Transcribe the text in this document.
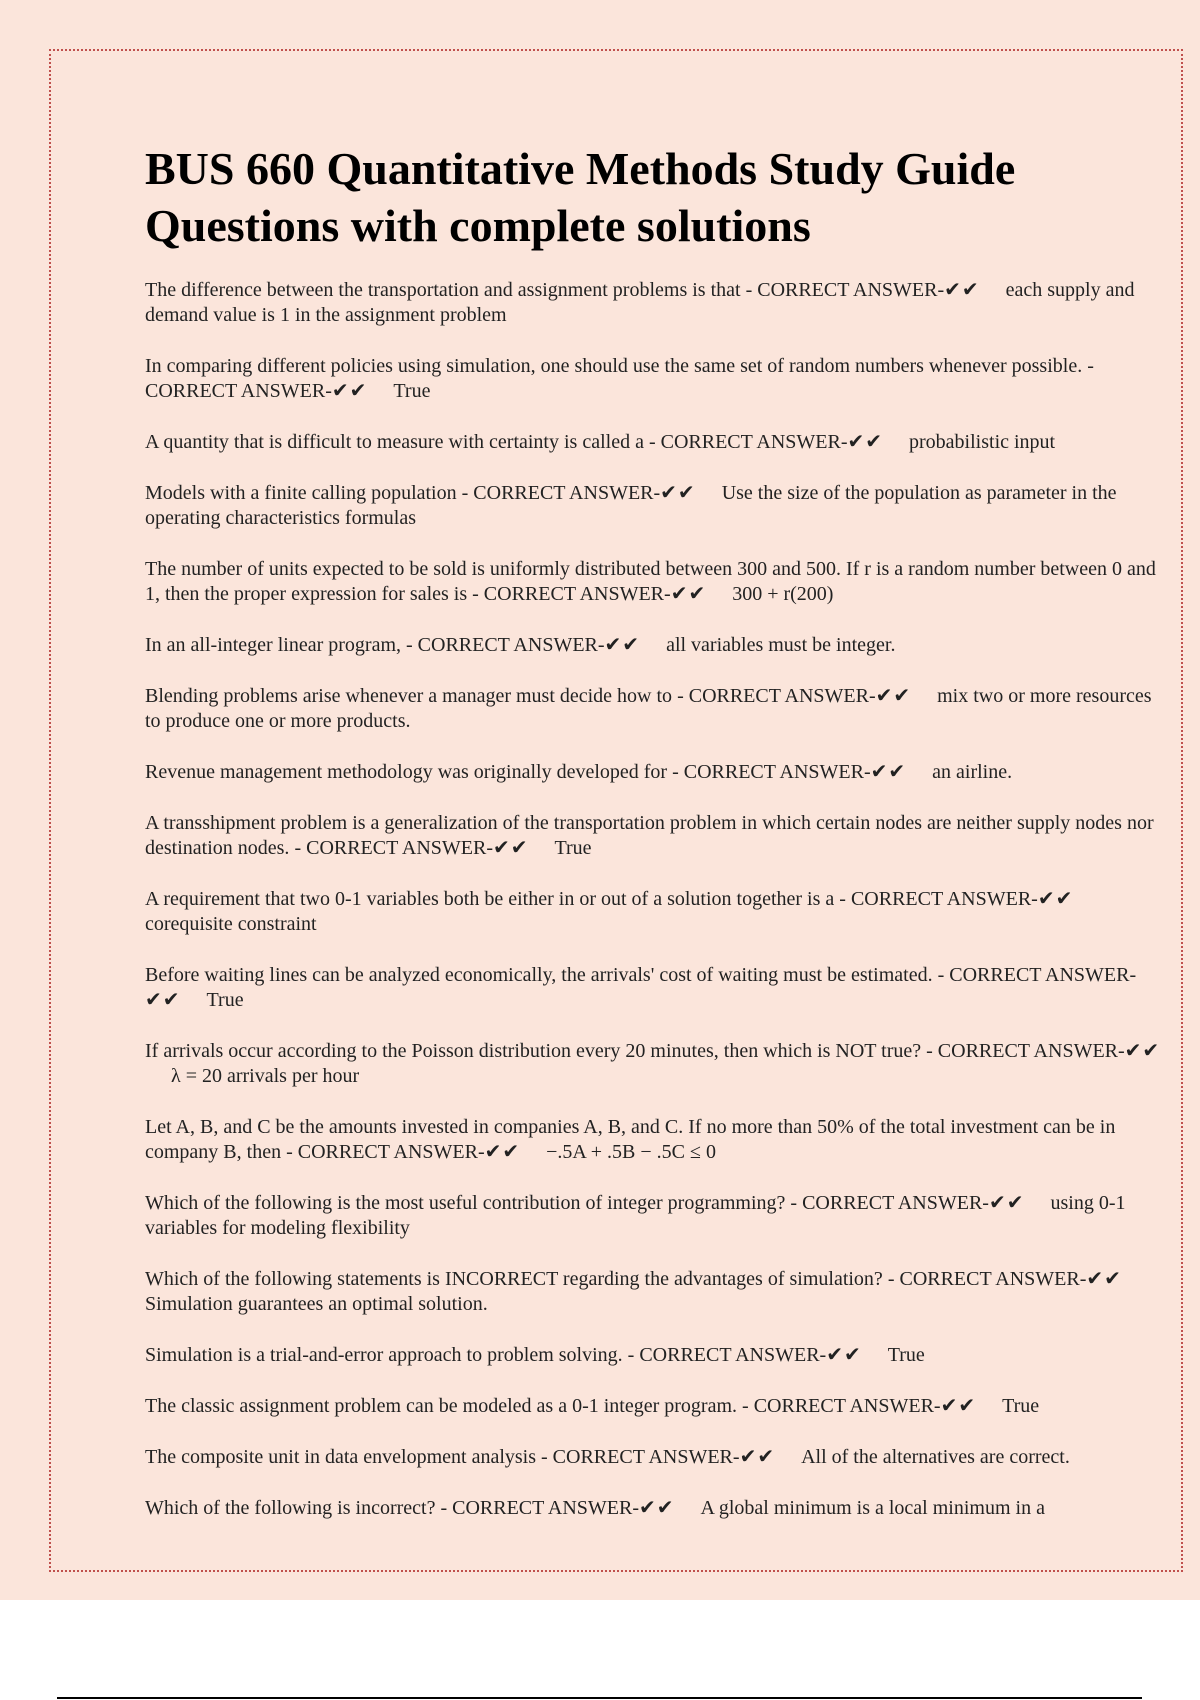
BUS 660 Quantitative Methods Study Guide Questions with complete solutions

The difference between the transportation and assignment problems is that - CORRECT ANSWER-✔✔ each supply and demand value is 1 in the assignment problem

In comparing different policies using simulation, one should use the same set of random numbers whenever possible. - CORRECT ANSWER-✔✔ True

A quantity that is difficult to measure with certainty is called a - CORRECT ANSWER-✔✔ probabilistic input

Models with a finite calling population - CORRECT ANSWER-✔✔ Use the size of the population as parameter in the operating characteristics formulas

The number of units expected to be sold is uniformly distributed between 300 and 500. If r is a random number between 0 and 1, then the proper expression for sales is - CORRECT ANSWER-✔✔ 300 + r(200)

In an all-integer linear program, - CORRECT ANSWER-✔✔ all variables must be integer.

Blending problems arise whenever a manager must decide how to - CORRECT ANSWER-✔✔ mix two or more resources to produce one or more products.

Revenue management methodology was originally developed for - CORRECT ANSWER-✔✔ an airline.

A transshipment problem is a generalization of the transportation problem in which certain nodes are neither supply nodes nor destination nodes. - CORRECT ANSWER-✔✔ True

A requirement that two 0-1 variables both be either in or out of a solution together is a - CORRECT ANSWER-✔✔corequisite constraint

Before waiting lines can be analyzed economically, the arrivals' cost of waiting must be estimated. - CORRECT ANSWER-✔✔ True

If arrivals occur according to the Poisson distribution every 20 minutes, then which is NOT true? - CORRECT ANSWER-✔✔λ = 20 arrivals per hour

Let A, B, and C be the amounts invested in companies A, B, and C. If no more than 50% of the total investment can be in company B, then - CORRECT ANSWER-✔✔ −.5A + .5B − .5C ≤ 0

Which of the following is the most useful contribution of integer programming? - CORRECT ANSWER-✔✔ using 0-1 variables for modeling flexibility

Which of the following statements is INCORRECT regarding the advantages of simulation? - CORRECT ANSWER-✔✔Simulation guarantees an optimal solution.

Simulation is a trial-and-error approach to problem solving. - CORRECT ANSWER-✔✔ True

The classic assignment problem can be modeled as a 0-1 integer program. - CORRECT ANSWER-✔✔ True

The composite unit in data envelopment analysis - CORRECT ANSWER-✔✔ All of the alternatives are correct.

Which of the following is incorrect? - CORRECT ANSWER-✔✔ A global minimum is a local minimum in a
